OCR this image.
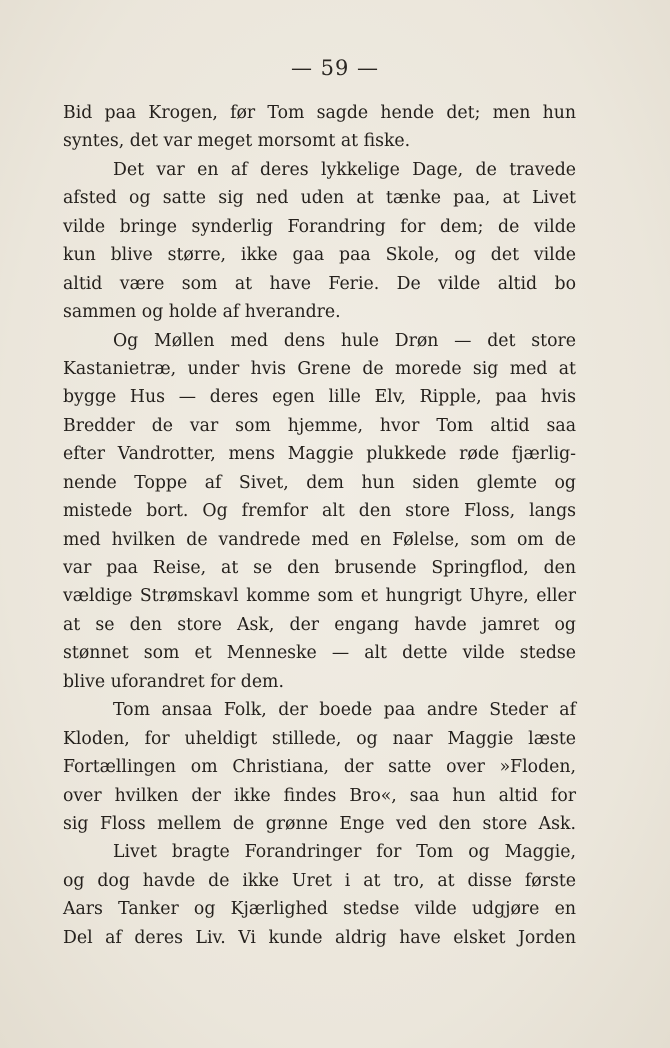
— 59 —
Bid paa Krogen, før Tom sagde hende det; men hun
syntes, det var meget morsomt at fiske.
Det var en af deres lykkelige Dage, de travede
afsted og satte sig ned uden at tænke paa, at Livet
vilde bringe synderlig Forandring for dem; de vilde
kun blive større, ikke gaa paa Skole, og det vilde
altid være som at have Ferie. De vilde altid bo
sammen og holde af hverandre.
Og Møllen med dens hule Drøn — det store
Kastanietræ, under hvis Grene de morede sig med at
bygge Hus — deres egen lille Elv, Ripple, paa hvis
Bredder de var som hjemme, hvor Tom altid saa
efter Vandrotter, mens Maggie plukkede røde fjærlig-
nende Toppe af Sivet, dem hun siden glemte og
mistede bort. Og fremfor alt den store Floss, langs
med hvilken de vandrede med en Følelse, som om de
var paa Reise, at se den brusende Springflod, den
vældige Strømskavl komme som et hungrigt Uhyre, eller
at se den store Ask, der engang havde jamret og
stønnet som et Menneske — alt dette vilde stedse
blive uforandret for dem.
Tom ansaa Folk, der boede paa andre Steder af
Kloden, for uheldigt stillede, og naar Maggie læste
Fortællingen om Christiana, der satte over »Floden,
over hvilken der ikke findes Bro«, saa hun altid for
sig Floss mellem de grønne Enge ved den store Ask.
Livet bragte Forandringer for Tom og Maggie,
og dog havde de ikke Uret i at tro, at disse første
Aars Tanker og Kjærlighed stedse vilde udgjøre en
Del af deres Liv. Vi kunde aldrig have elsket Jorden
